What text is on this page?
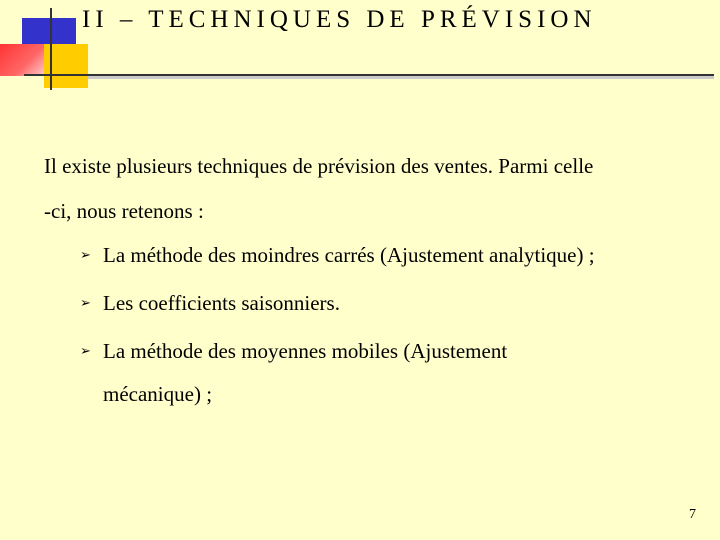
II – TECHNIQUES DE PRÉVISION
Il existe plusieurs techniques de prévision des ventes. Parmi celle
-ci, nous retenons :
➢ La méthode des moindres carrés (Ajustement analytique) ;
➢ Les coefficients saisonniers.
➢ La méthode des moyennes mobiles (Ajustement
mécanique) ;
7
